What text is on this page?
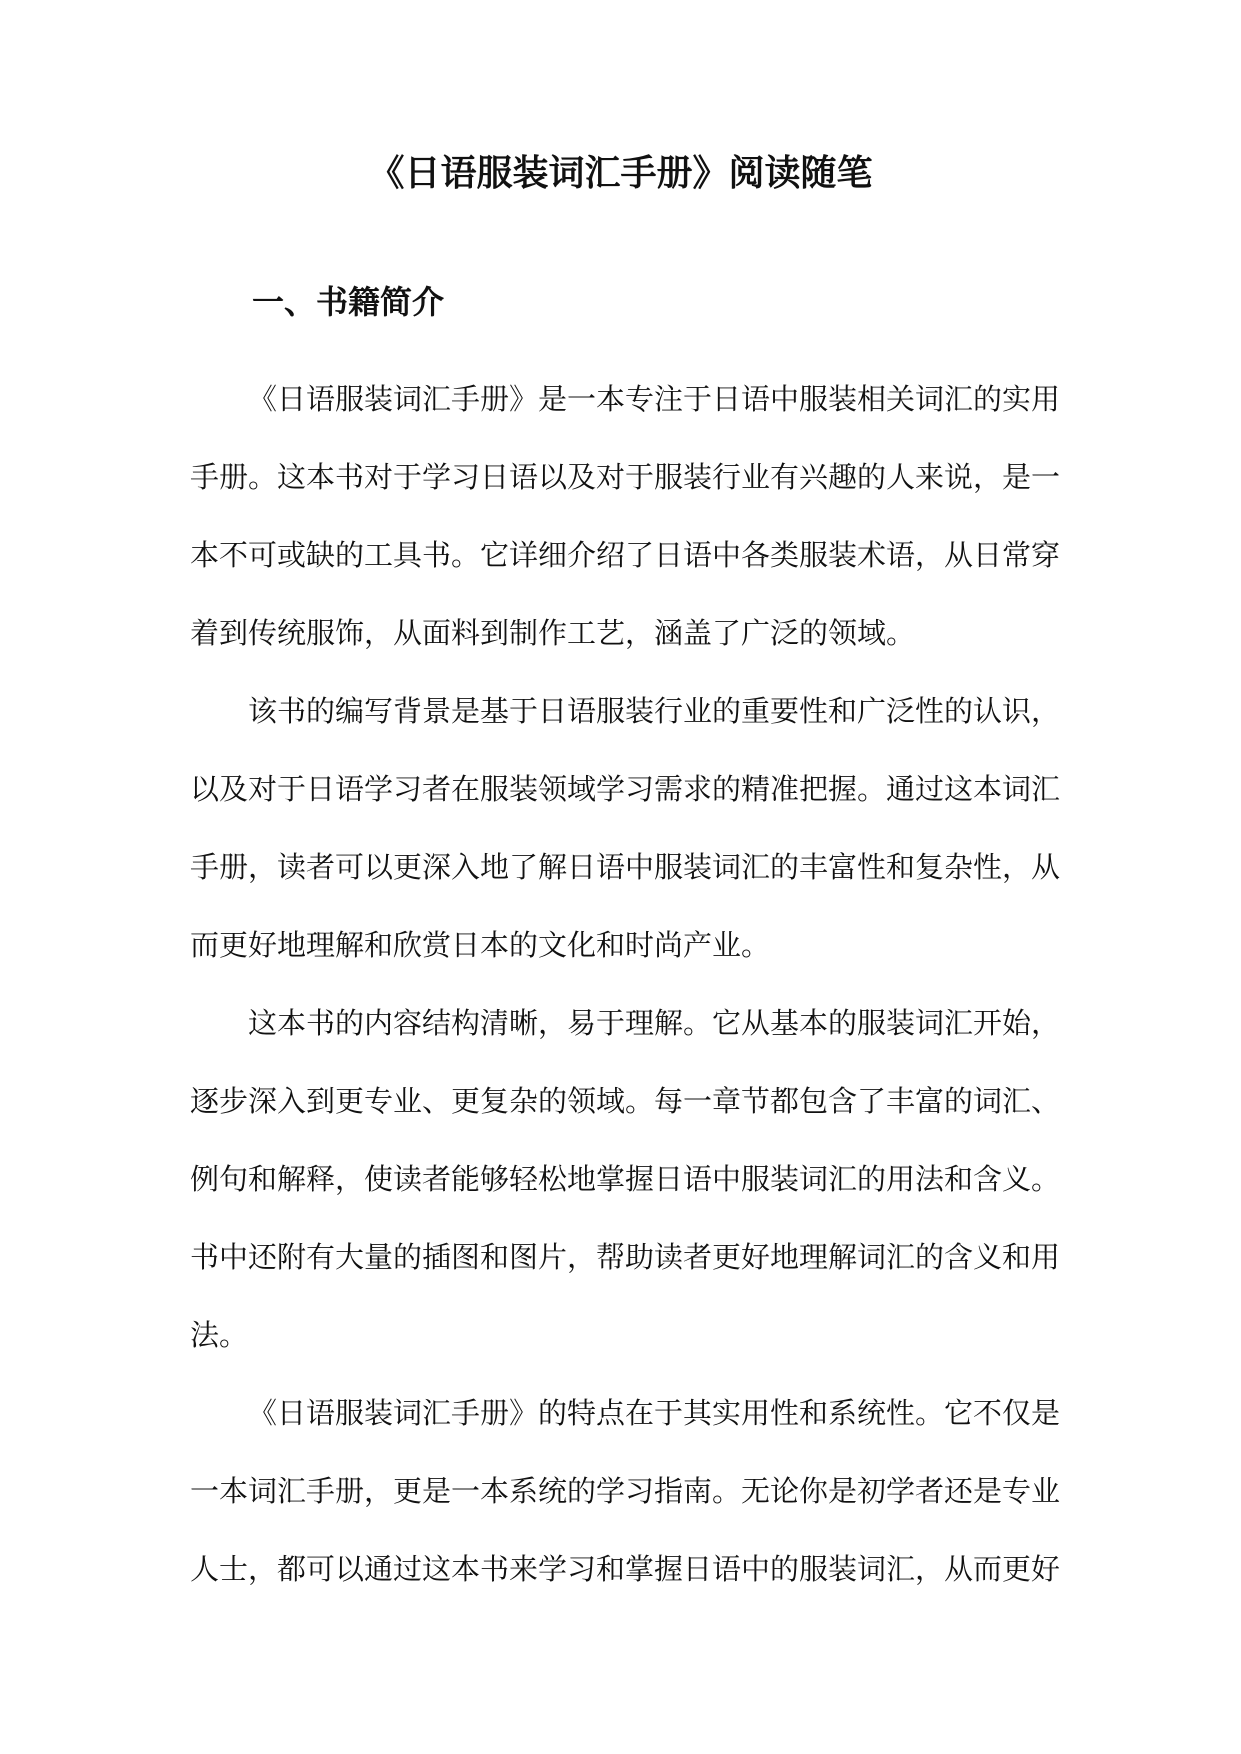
《日语服装词汇手册》阅读随笔
一、书籍简介

《日语服装词汇手册》是一本专注于日语中服装相关词汇的实用手册。这本书对于学习日语以及对于服装行业有兴趣的人来说，是一本不可或缺的工具书。它详细介绍了日语中各类服装术语，从日常穿着到传统服饰，从面料到制作工艺，涵盖了广泛的领域。

该书的编写背景是基于日语服装行业的重要性和广泛性的认识，以及对于日语学习者在服装领域学习需求的精准把握。通过这本词汇手册，读者可以更深入地了解日语中服装词汇的丰富性和复杂性，从而更好地理解和欣赏日本的文化和时尚产业。

这本书的内容结构清晰，易于理解。它从基本的服装词汇开始，逐步深入到更专业、更复杂的领域。每一章节都包含了丰富的词汇、例句和解释，使读者能够轻松地掌握日语中服装词汇的用法和含义。书中还附有大量的插图和图片，帮助读者更好地理解词汇的含义和用法。

《日语服装词汇手册》的特点在于其实用性和系统性。它不仅是一本词汇手册，更是一本系统的学习指南。无论你是初学者还是专业人士，都可以通过这本书来学习和掌握日语中的服装词汇，从而更好
